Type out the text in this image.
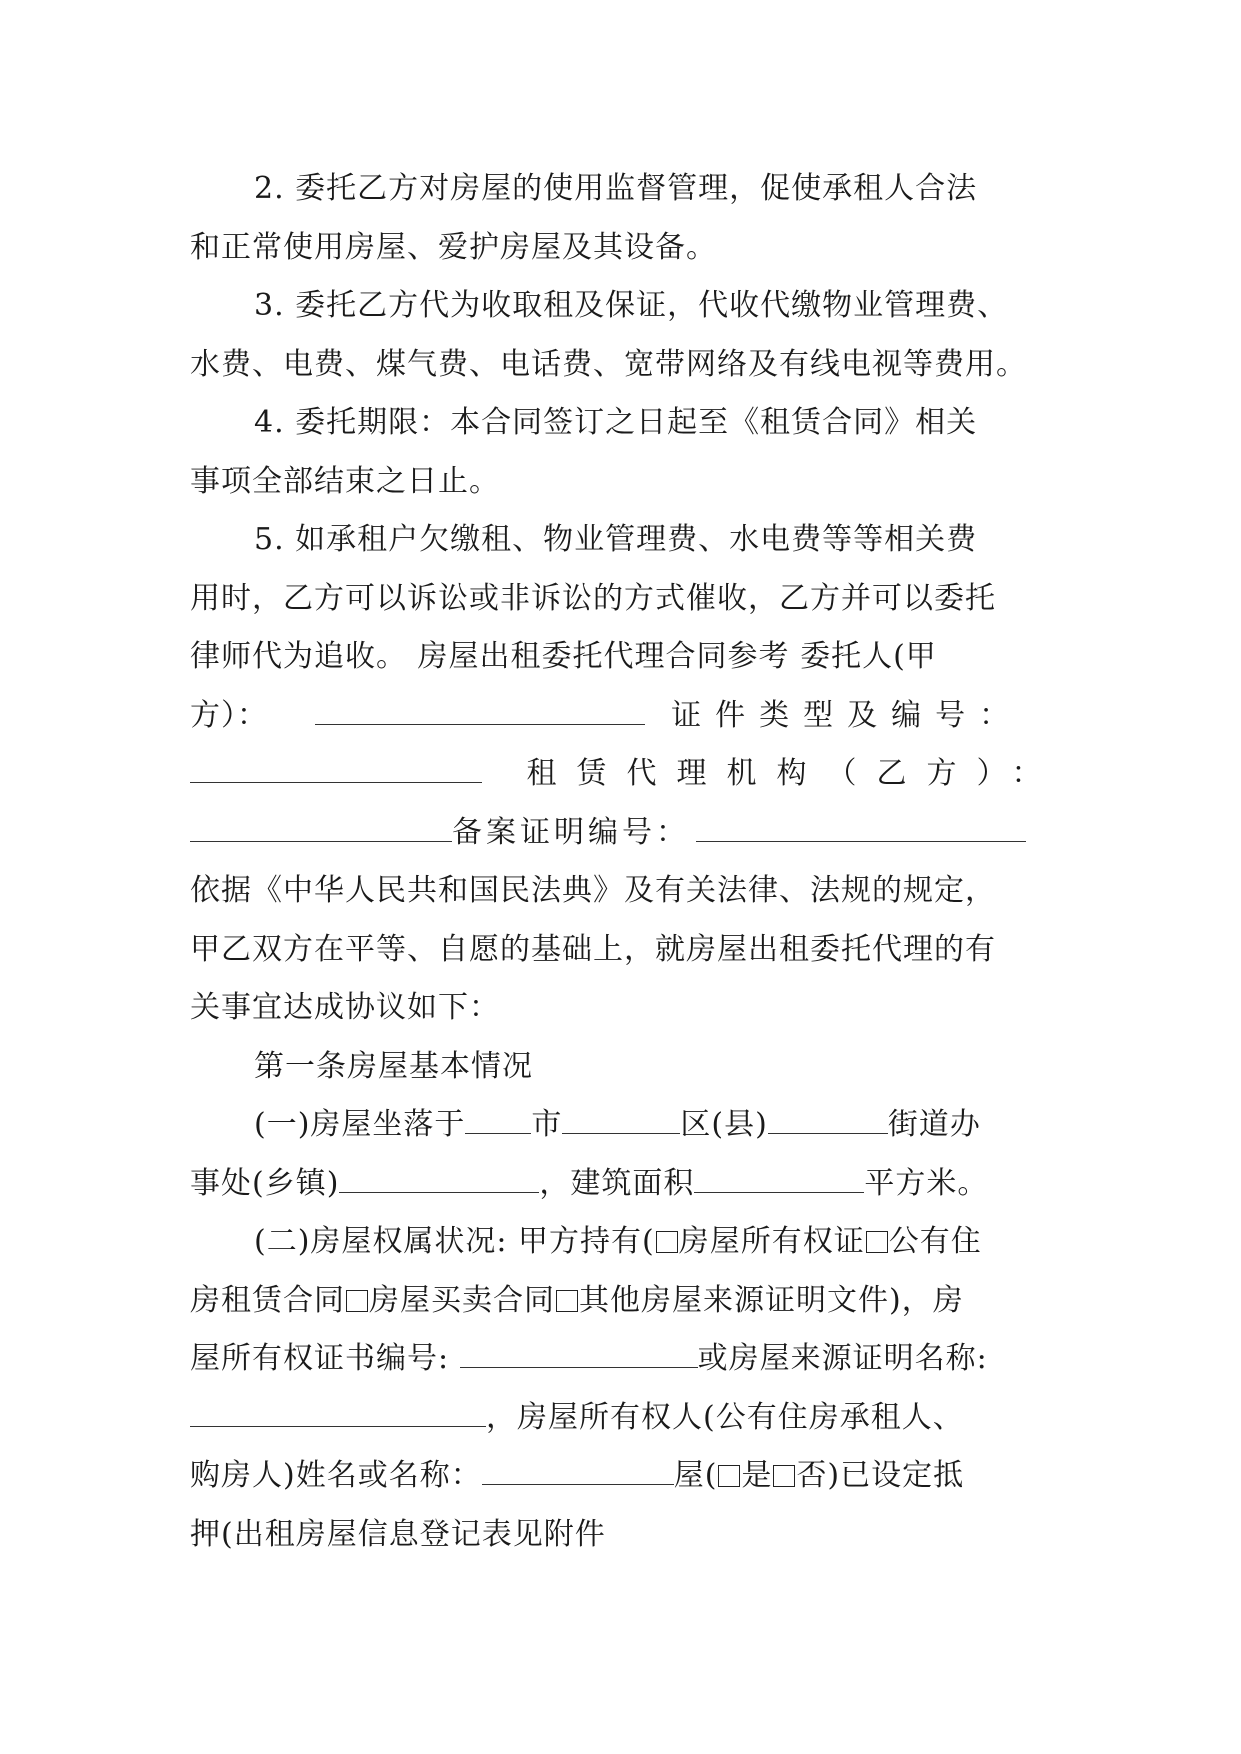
2. 委托乙方对房屋的使用监督管理，促使承租人合法
和正常使用房屋、爱护房屋及其设备。
3. 委托乙方代为收取租及保证，代收代缴物业管理费、
水费、电费、煤气费、电话费、宽带网络及有线电视等费用。
4. 委托期限：本合同签订之日起至《租赁合同》相关
事项全部结束之日止。
5. 如承租户欠缴租、物业管理费、水电费等等相关费
用时，乙方可以诉讼或非诉讼的方式催收，乙方并可以委托
律师代为追收。 房屋出租委托代理合同参考 委托人(甲
方）：	证件类型及编号：
租赁代理机构（乙方）：
备案证明编号：
依据《中华人民共和国民法典》及有关法律、法规的规定，
甲乙双方在平等、自愿的基础上，就房屋出租委托代理的有
关事宜达成协议如下：
第一条房屋基本情况
(一)房屋坐落于 市	区(县)	街道办
事处(乡镇)	，建筑面积	平方米。
(二)房屋权属状况: 甲方持有( 房屋所有权证 公有住
房租赁合同 房屋买卖合同 其他房屋来源证明文件)，房
屋所有权证书编号:	或房屋来源证明名称:
，房屋所有权人(公有住房承租人、
购房人)姓名或名称：	屋( 是 否)已设定抵
押(出租房屋信息登记表见附件
